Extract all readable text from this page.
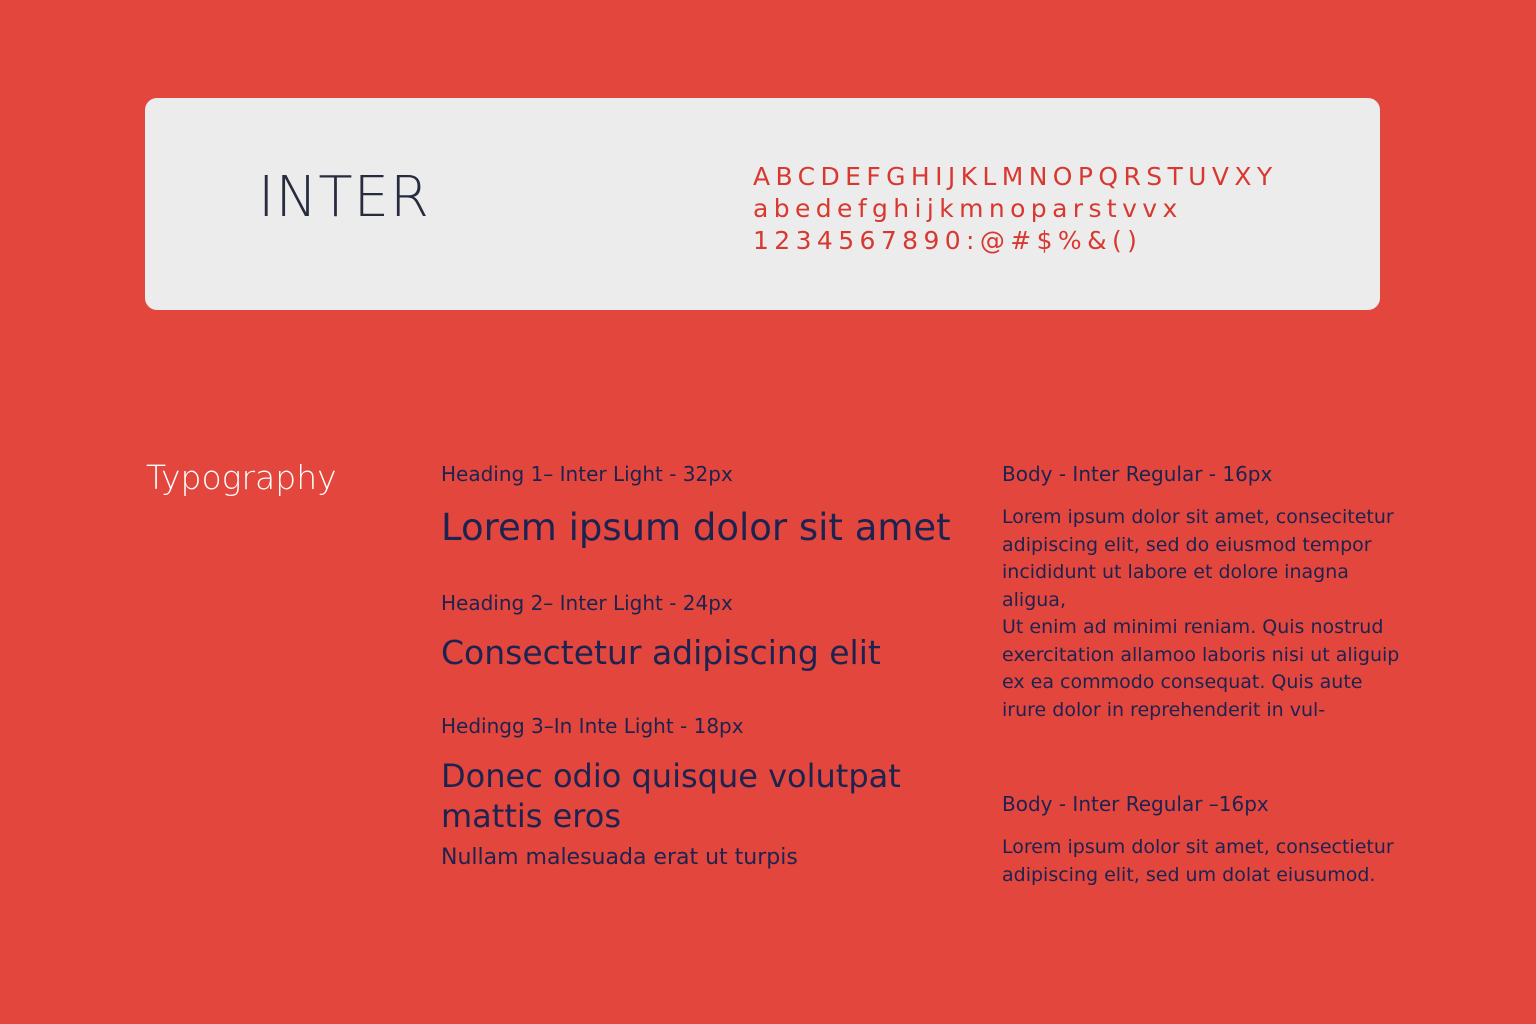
INTER	ABCDEFGHIJKLMNOPQRSTUVXY
abedefghijkmnoparstvvx
1234567890:@#$%&()
Typography	Heading 1– Inter Light - 32px
Lorem ipsum dolor sit amet
Heading 2– Inter Light - 24px
Consectetur adipiscing elit
Hedingg 3–In Inte Light - 18px
Donec odio quisque volutpat mattis eros
Nullam malesuada erat ut turpis
Body - Inter Regular - 16px
Lorem ipsum dolor sit amet, consecitetur
adipiscing elit, sed do eiusmod tempor
incididunt ut labore et dolore inagna aligua,
Ut enim ad minimi reniam. Quis nostrud
exercitation allamoo laboris nisi ut aliguip
ex ea commodo consequat. Quis aute
irure dolor in reprehenderit in vul-
Body - Inter Regular –16px
Lorem ipsum dolor sit amet, consectietur
adipiscing elit, sed um dolat eiusumod.
